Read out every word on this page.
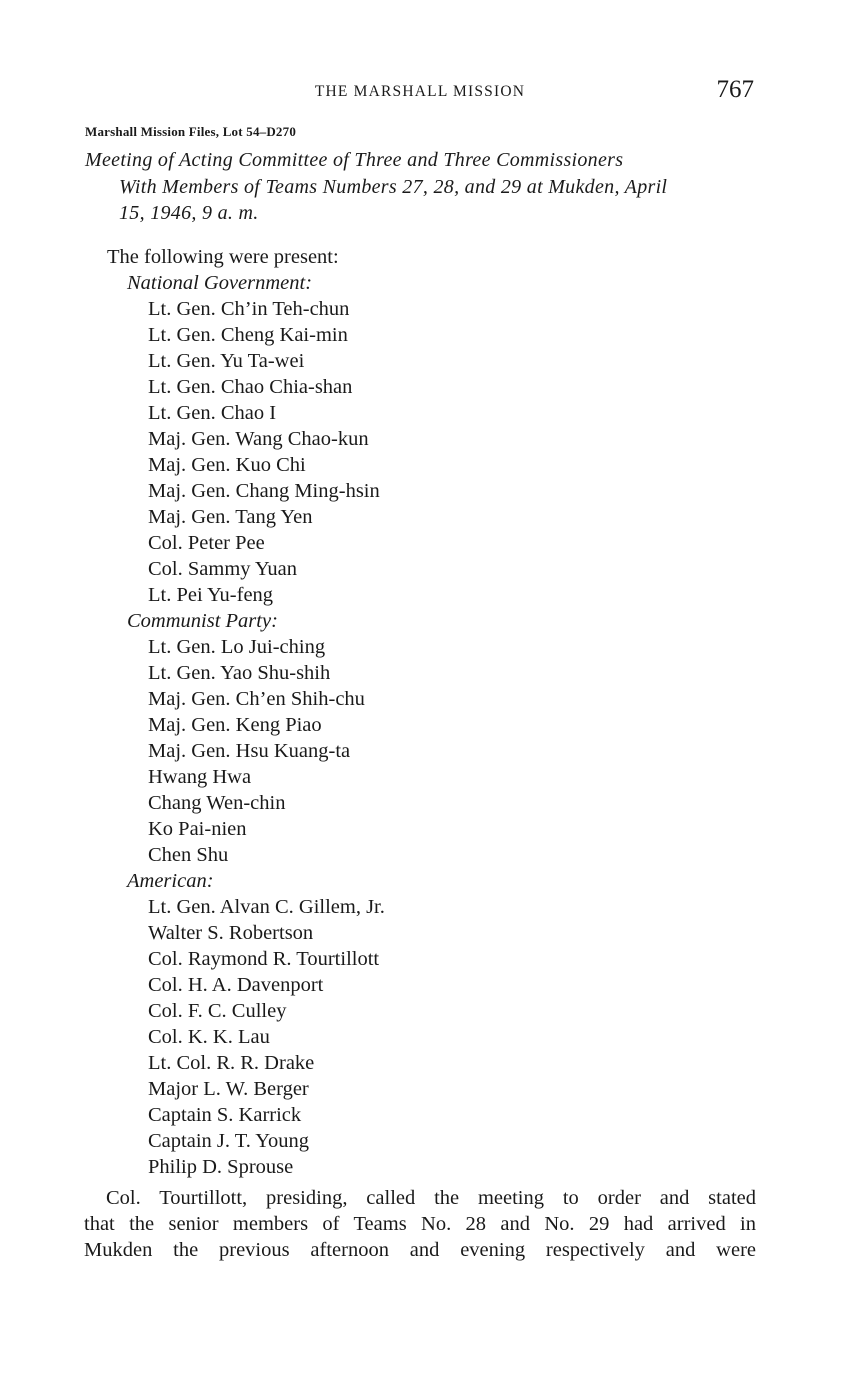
THE MARSHALL MISSION	767
Marshall Mission Files, Lot 54–D270
Meeting of Acting Committee of Three and Three Commissioners
With Members of Teams Numbers 27, 28, and 29 at Mukden, April
15, 1946, 9 a. m.
The following were present:
National Government:
Lt. Gen. Ch’in Teh-chun
Lt. Gen. Cheng Kai-min
Lt. Gen. Yu Ta-wei
Lt. Gen. Chao Chia-shan
Lt. Gen. Chao I
Maj. Gen. Wang Chao-kun
Maj. Gen. Kuo Chi
Maj. Gen. Chang Ming-hsin
Maj. Gen. Tang Yen
Col. Peter Pee
Col. Sammy Yuan
Lt. Pei Yu-feng
Communist Party:
Lt. Gen. Lo Jui-ching
Lt. Gen. Yao Shu-shih
Maj. Gen. Ch’en Shih-chu
Maj. Gen. Keng Piao
Maj. Gen. Hsu Kuang-ta
Hwang Hwa
Chang Wen-chin
Ko Pai-nien
Chen Shu
American:
Lt. Gen. Alvan C. Gillem, Jr.
Walter S. Robertson
Col. Raymond R. Tourtillott
Col. H. A. Davenport
Col. F. C. Culley
Col. K. K. Lau
Lt. Col. R. R. Drake
Major L. W. Berger
Captain S. Karrick
Captain J. T. Young
Philip D. Sprouse
Col. Tourtillott, presiding, called the meeting to order and stated
that the senior members of Teams No. 28 and No. 29 had arrived in
Mukden the previous afternoon and evening respectively and were
